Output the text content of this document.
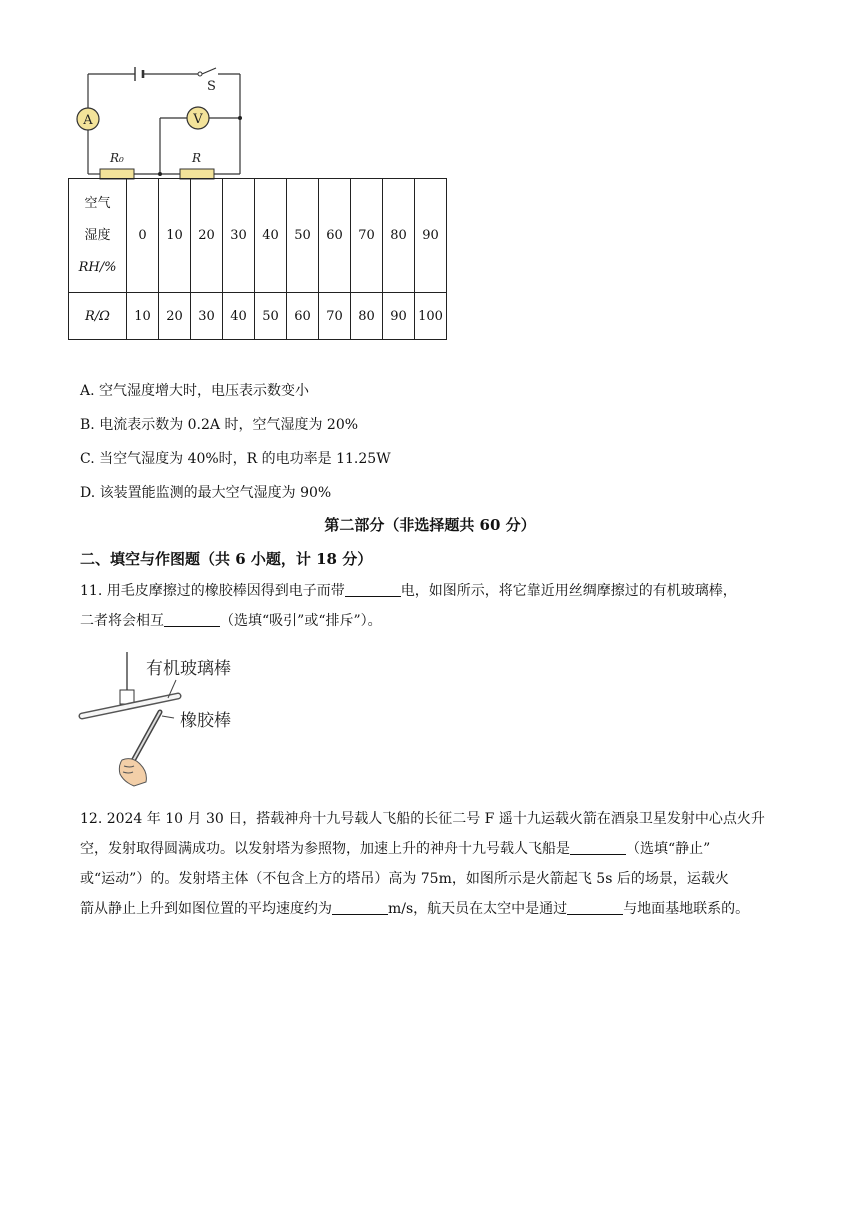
S
A	V
R₀	R
空气
湿度
RH/%	0	10	20	30	40	50	60	70	80	90
R/Ω	10	20	30	40	50	60	70	80	90	100
A. 空气湿度增大时，电压表示数变小
B. 电流表示数为 0.2A 时，空气湿度为 20%
C. 当空气湿度为 40%时，R 的电功率是 11.25W
D. 该装置能监测的最大空气湿度为 90%
第二部分（非选择题共 60 分）
二、填空与作图题（共 6 小题，计 18 分）
11. 用毛皮摩擦过的橡胶棒因得到电子而带	电，如图所示，将它靠近用丝绸摩擦过的有机玻璃棒，
二者将会相互	（选填“吸引”或“排斥”）。
有机玻璃棒
橡胶棒
12. 2024 年 10 月 30 日，搭载神舟十九号载人飞船的长征二号 F 遥十九运载火箭在酒泉卫星发射中心点火升
空，发射取得圆满成功。以发射塔为参照物，加速上升的神舟十九号载人飞船是	（选填“静止”
或“运动”）的。发射塔主体（不包含上方的塔吊）高为 75m，如图所示是火箭起飞 5s 后的场景，运载火
箭从静止上升到如图位置的平均速度约为	m/s，航天员在太空中是通过	与地面基地联系的。
